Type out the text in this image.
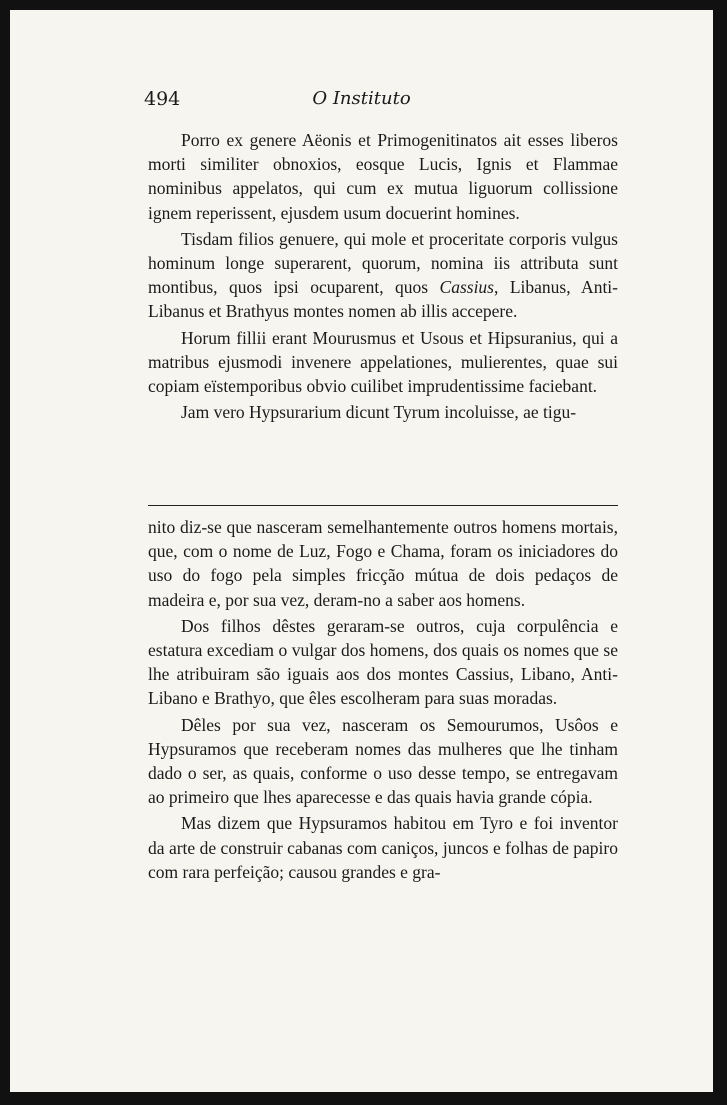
494	O Instituto

Porro ex genere Aëonis et Primogenitinatos ait esses liberos morti similiter obnoxios, eosque Lucis, Ignis et Flammae nominibus appelatos, qui cum ex mutua liguorum collissione ignem reperissent, ejusdem usum docuerint homines.

Tisdam filios genuere, qui mole et proceritate corporis vulgus hominum longe superarent, quorum, nomina iis attributa sunt montibus, quos ipsi ocuparent, quos Cassius, Libanus, Anti-Libanus et Brathyus montes nomen ab illis accepere.

Horum fillii erant Mourusmus et Usous et Hipsuranius, qui a matribus ejusmodi invenere appelationes, mulierentes, quae sui copiam eïstemporibus obvio cuilibet imprudentissime faciebant.

Jam vero Hypsurarium dicunt Tyrum incoluisse, ae tigu-

nito diz-se que nasceram semelhantemente outros homens mortais, que, com o nome de Luz, Fogo e Chama, foram os iniciadores do uso do fogo pela simples fricção mútua de dois pedaços de madeira e, por sua vez, deram-no a saber aos homens.

Dos filhos dêstes geraram-se outros, cuja corpulência e estatura excediam o vulgar dos homens, dos quais os nomes que se lhe atribuiram são iguais aos dos montes Cassius, Libano, Anti-Libano e Brathyo, que êles escolheram para suas moradas.

Dêles por sua vez, nasceram os Semourumos, Usôos e Hypsuramos que receberam nomes das mulheres que lhe tinham dado o ser, as quais, conforme o uso desse tempo, se entregavam ao primeiro que lhes aparecesse e das quais havia grande cópia.

Mas dizem que Hypsuramos habitou em Tyro e foi inventor da arte de construir cabanas com caniços, juncos e folhas de papiro com rara perfeição; causou grandes e gra-
